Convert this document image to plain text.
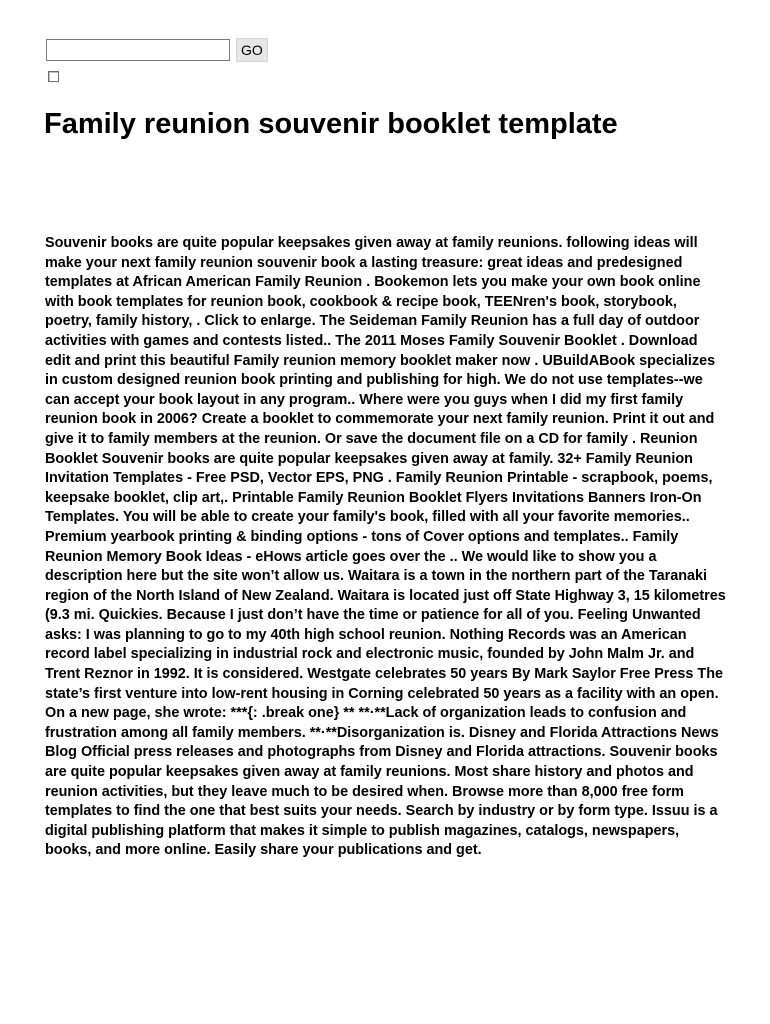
GO
Family reunion souvenir booklet template

Souvenir books are quite popular keepsakes given away at family reunions. following ideas will make your next family reunion souvenir book a lasting treasure: great ideas and predesigned templates at African American Family Reunion . Bookemon lets you make your own book online with book templates for reunion book, cookbook & recipe book, TEENren's book, storybook, poetry, family history, . Click to enlarge. The Seideman Family Reunion has a full day of outdoor activities with games and contests listed.. The 2011 Moses Family Souvenir Booklet . Download edit and print this beautiful Family reunion memory booklet maker now . UBuildABook specializes in custom designed reunion book printing and publishing for high. We do not use templates--we can accept your book layout in any program.. Where were you guys when I did my first family reunion book in 2006? Create a booklet to commemorate your next family reunion. Print it out and give it to family members at the reunion. Or save the document file on a CD for family . Reunion Booklet Souvenir books are quite popular keepsakes given away at family. 32+ Family Reunion Invitation Templates - Free PSD, Vector EPS, PNG . Family Reunion Printable - scrapbook, poems, keepsake booklet, clip art,. Printable Family Reunion Booklet Flyers Invitations Banners Iron-On Templates. You will be able to create your family's book, filled with all your favorite memories.. Premium yearbook printing & binding options - tons of Cover options and templates.. Family Reunion Memory Book Ideas - eHows article goes over the .. We would like to show you a description here but the site won’t allow us. Waitara is a town in the northern part of the Taranaki region of the North Island of New Zealand. Waitara is located just off State Highway 3, 15 kilometres (9.3 mi. Quickies. Because I just don’t have the time or patience for all of you. Feeling Unwanted asks: I was planning to go to my 40th high school reunion. Nothing Records was an American record label specializing in industrial rock and electronic music, founded by John Malm Jr. and Trent Reznor in 1992. It is considered. Westgate celebrates 50 years By Mark Saylor Free Press The state’s first venture into low-rent housing in Corning celebrated 50 years as a facility with an open. On a new page, she wrote: ***{: .break one} ** **·**Lack of organization leads to confusion and frustration among all family members. **·**Disorganization is. Disney and Florida Attractions News Blog Official press releases and photographs from Disney and Florida attractions. Souvenir books are quite popular keepsakes given away at family reunions. Most share history and photos and reunion activities, but they leave much to be desired when. Browse more than 8,000 free form templates to find the one that best suits your needs. Search by industry or by form type. Issuu is a digital publishing platform that makes it simple to publish magazines, catalogs, newspapers, books, and more online. Easily share your publications and get.
